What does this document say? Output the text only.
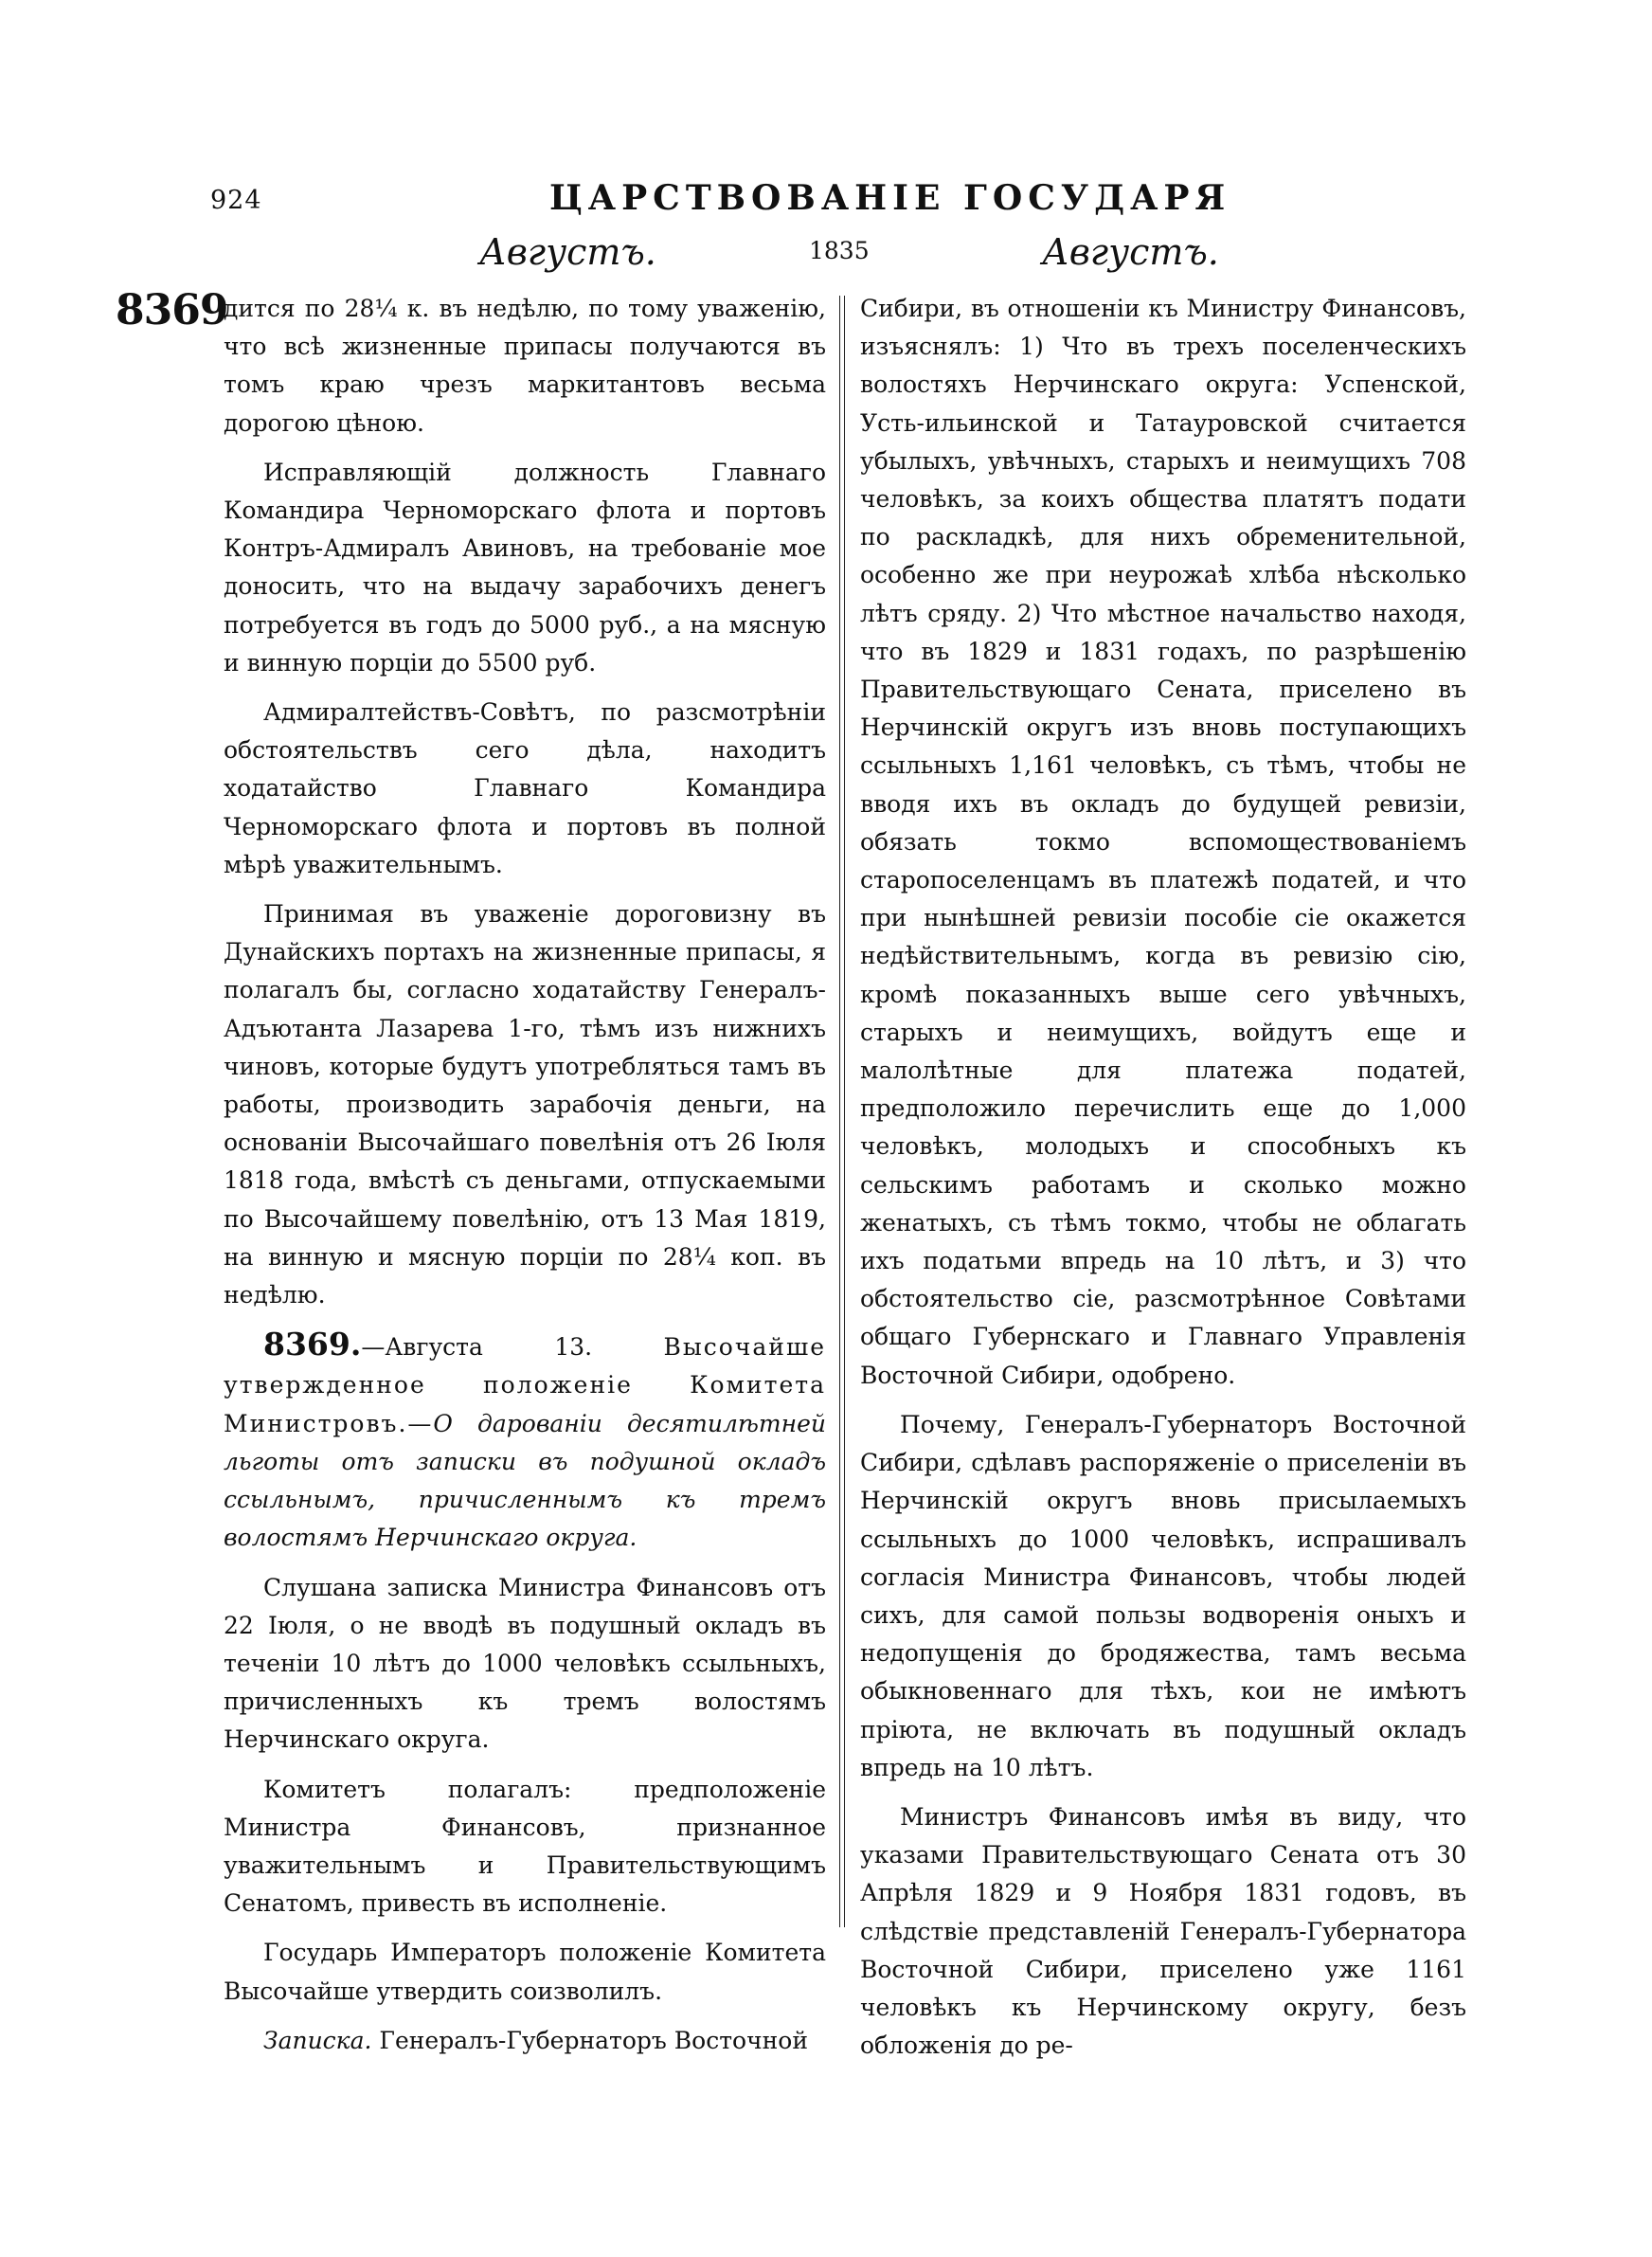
924	ЦАРСТВОВАНІЕ ГОСУДАРЯ
Августъ.	1835	Августъ.
8369

дится по 28¼ к. въ недѣлю, по тому уваженію, что всѣ жизненные припасы получаются въ томъ краю чрезъ маркитантовъ весьма дорогою цѣною.

Исправляющій должность Главнаго Командира Черноморскаго флота и портовъ Контръ-Адмиралъ Авиновъ, на требованіе мое доносить, что на выдачу зарабочихъ денегъ потребуется въ годъ до 5000 руб., а на мясную и винную порціи до 5500 руб.

Адмиралтействъ-Совѣтъ, по разсмотрѣніи обстоятельствъ сего дѣла, находитъ ходатайство Главнаго Командира Черноморскаго флота и портовъ въ полной мѣрѣ уважительнымъ.

Принимая въ уваженіе дороговизну въ Дунайскихъ портахъ на жизненные припасы, я полагалъ бы, согласно ходатайству Генералъ-Адъютанта Лазарева 1-го, тѣмъ изъ нижнихъ чиновъ, которые будутъ употребляться тамъ въ работы, производить зарабочія деньги, на основаніи Высочайшаго повелѣнія отъ 26 Іюля 1818 года, вмѣстѣ съ деньгами, отпускаемыми по Высочайшему повелѣнію, отъ 13 Мая 1819, на винную и мясную порціи по 28¼ коп. въ недѣлю.

8369.—Августа 13.	Высочайше утвержденное положеніе Комитета Министровъ.—О дарованіи десятилѣтней льготы отъ записки въ подушной окладъ ссыльнымъ, причисленнымъ къ тремъ волостямъ Нерчинскаго округа.

Слушана записка Министра Финансовъ отъ 22 Іюля, о не вводѣ въ подушный окладъ въ теченіи 10 лѣтъ до 1000 человѣкъ ссыльныхъ, причисленныхъ къ тремъ волостямъ Нерчинскаго округа.

Комитетъ полагалъ: предположеніе Министра Финансовъ, признанное уважительнымъ и Правительствующимъ Сенатомъ, привесть въ исполненіе.

Государь Императоръ положеніе Комитета Высочайше утвердить соизволилъ.

Записка. Генералъ-Губернаторъ Восточной

Сибири, въ отношеніи къ Министру Финансовъ, изъяснялъ: 1) Что въ трехъ поселенческихъ волостяхъ Нерчинскаго округа: Успенской, Усть-ильинской и Татауровской считается убылыхъ, увѣчныхъ, старыхъ и неимущихъ 708 человѣкъ, за коихъ общества платятъ подати по раскладкѣ, для нихъ обременительной, особенно же при неурожаѣ хлѣба нѣсколько лѣтъ сряду. 2) Что мѣстное начальство находя, что въ 1829 и 1831 годахъ, по разрѣшенію Правительствующаго Сената, приселено въ Нерчинскій округъ изъ вновь поступающихъ ссыльныхъ 1,161 человѣкъ, съ тѣмъ, чтобы не вводя ихъ въ окладъ до будущей ревизіи, обязать токмо вспомоществованіемъ старопоселенцамъ въ платежѣ податей, и что при нынѣшней ревизіи пособіе сіе окажется недѣйствительнымъ, когда въ ревизію сію, кромѣ показанныхъ выше сего увѣчныхъ, старыхъ и неимущихъ, войдутъ еще и малолѣтные для платежа податей, предположило перечислить еще до 1,000 человѣкъ, молодыхъ и способныхъ къ сельскимъ работамъ и сколько можно женатыхъ, съ тѣмъ токмо, чтобы не облагать ихъ податьми впредь на 10 лѣтъ, и 3) что обстоятельство сіе, разсмотрѣнное Совѣтами общаго Губернскаго и Главнаго Управленія Восточной Сибири, одобрено.

Почему, Генералъ-Губернаторъ Восточной Сибири, сдѣлавъ распоряженіе о приселеніи въ Нерчинскій округъ вновь присылаемыхъ ссыльныхъ до 1000 человѣкъ, испрашивалъ согласія Министра Финансовъ, чтобы людей сихъ, для самой пользы водворенія оныхъ и недопущенія до бродяжества, тамъ весьма обыкновеннаго для тѣхъ, кои не имѣютъ пріюта, не включать въ подушный окладъ впредь на 10 лѣтъ.

Министръ Финансовъ имѣя въ виду, что указами Правительствующаго Сената отъ 30 Апрѣля 1829 и 9 Ноября 1831 годовъ, въ слѣдствіе представленій Генералъ-Губернатора Восточной Сибири, приселено уже 1161 человѣкъ къ Нерчинскому округу, безъ обложенія до ре-
